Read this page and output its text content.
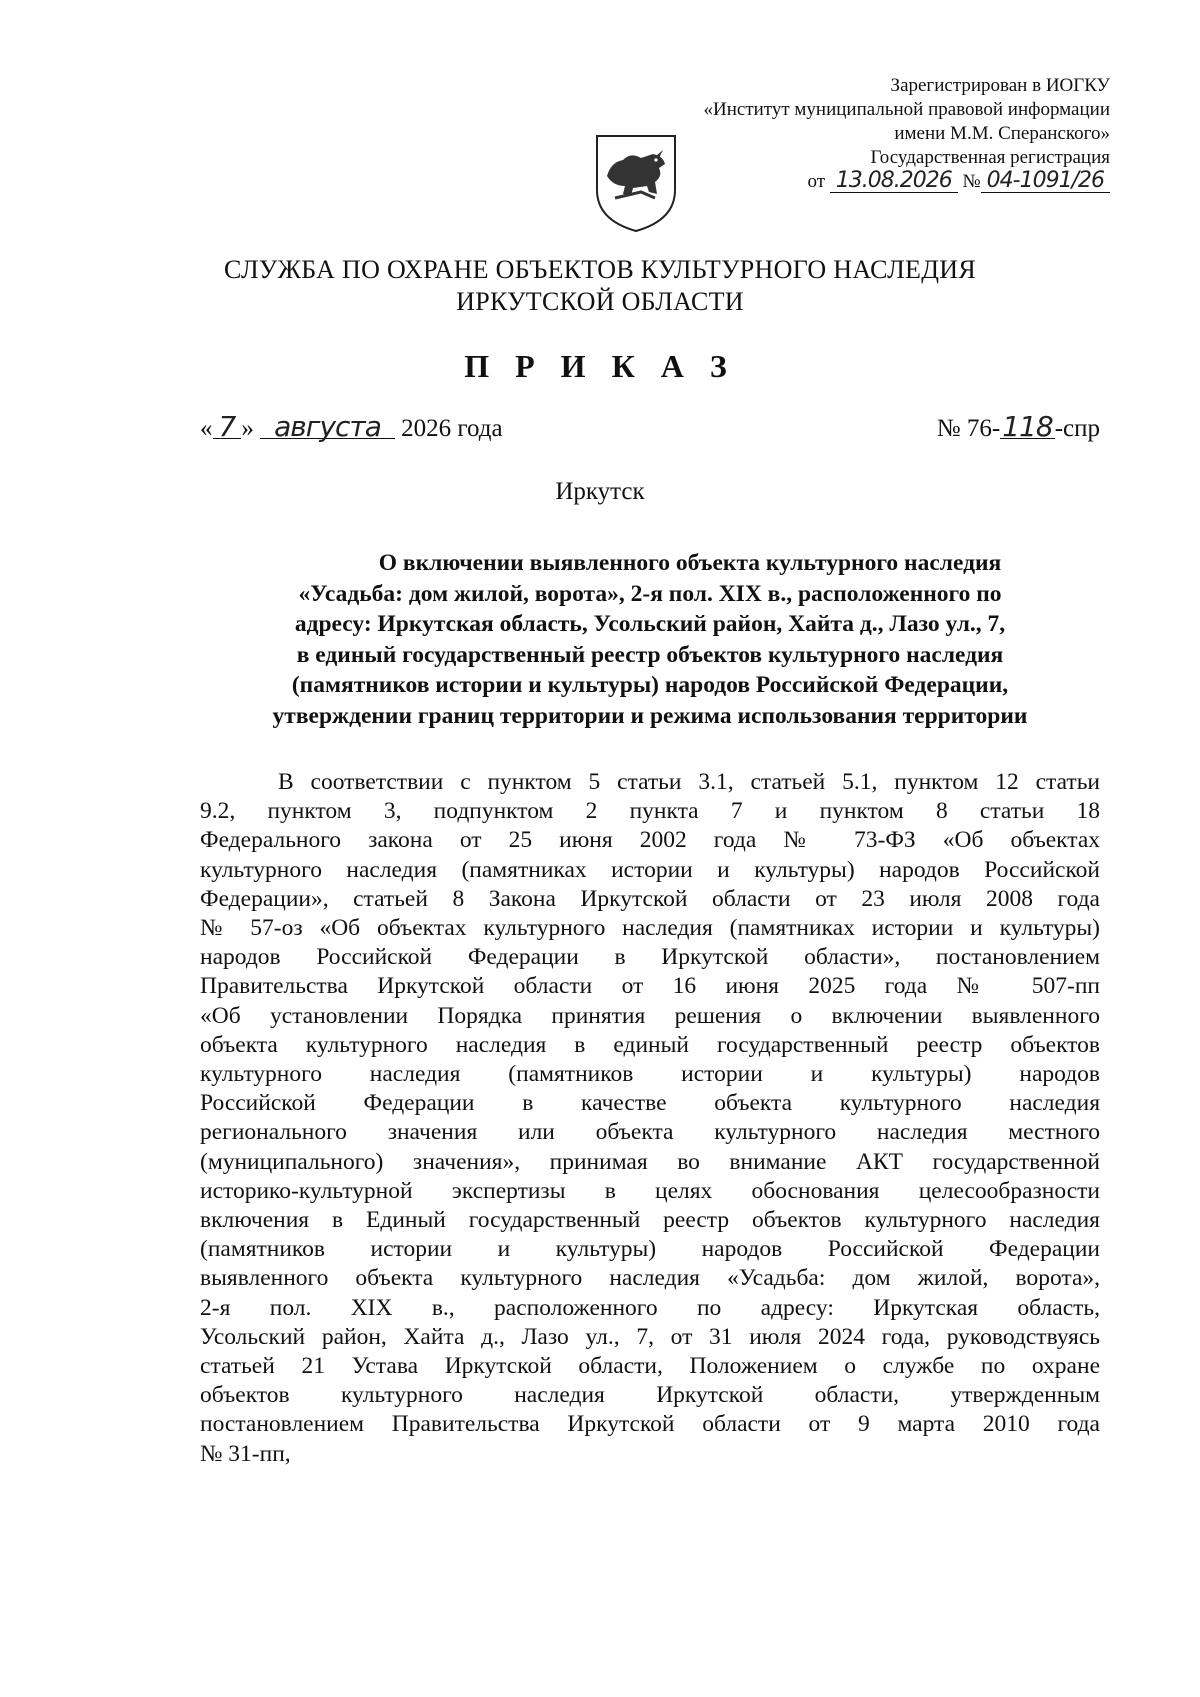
Зарегистрирован в ИОГКУ
«Институт муниципальной правовой информации
имени М.М. Сперанского»
Государственная регистрация
от 13.08.2026 № 04-1091/26
СЛУЖБА ПО ОХРАНЕ ОБЪЕКТОВ КУЛЬТУРНОГО НАСЛЕДИЯ
ИРКУТСКОЙ ОБЛАСТИ
П Р И К А З
« 7 » августа 2026 года	№ 76-118-спр
Иркутск
О включении выявленного объекта культурного наследия
«Усадьба: дом жилой, ворота», 2-я пол. XIX в., расположенного по
адресу: Иркутская область, Усольский район, Хайта д., Лазо ул., 7,
в единый государственный реестр объектов культурного наследия
(памятников истории и культуры) народов Российской Федерации,
утверждении границ территории и режима использования территории
В соответствии с пунктом 5 статьи 3.1, статьей 5.1, пунктом 12 статьи
9.2, пунктом 3, подпунктом 2 пункта 7 и пунктом 8 статьи 18
Федерального закона от 25 июня 2002 года № 73-ФЗ «Об объектах
культурного наследия (памятниках истории и культуры) народов Российской
Федерации», статьей 8 Закона Иркутской области от 23 июля 2008 года
№ 57-оз «Об объектах культурного наследия (памятниках истории и культуры)
народов Российской Федерации в Иркутской области», постановлением
Правительства Иркутской области от 16 июня 2025 года № 507-пп
«Об установлении Порядка принятия решения о включении выявленного
объекта культурного наследия в единый государственный реестр объектов
культурного наследия (памятников истории и культуры) народов
Российской Федерации в качестве объекта культурного наследия
регионального значения или объекта культурного наследия местного
(муниципального) значения», принимая во внимание АКТ государственной
историко-культурной экспертизы в целях обоснования целесообразности
включения в Единый государственный реестр объектов культурного наследия
(памятников истории и культуры) народов Российской Федерации
выявленного объекта культурного наследия «Усадьба: дом жилой, ворота»,
2-я пол. XIX в., расположенного по адресу: Иркутская область,
Усольский район, Хайта д., Лазо ул., 7, от 31 июля 2024 года, руководствуясь
статьей 21 Устава Иркутской области, Положением о службе по охране
объектов культурного наследия Иркутской области, утвержденным
постановлением Правительства Иркутской области от 9 марта 2010 года
№ 31-пп,
